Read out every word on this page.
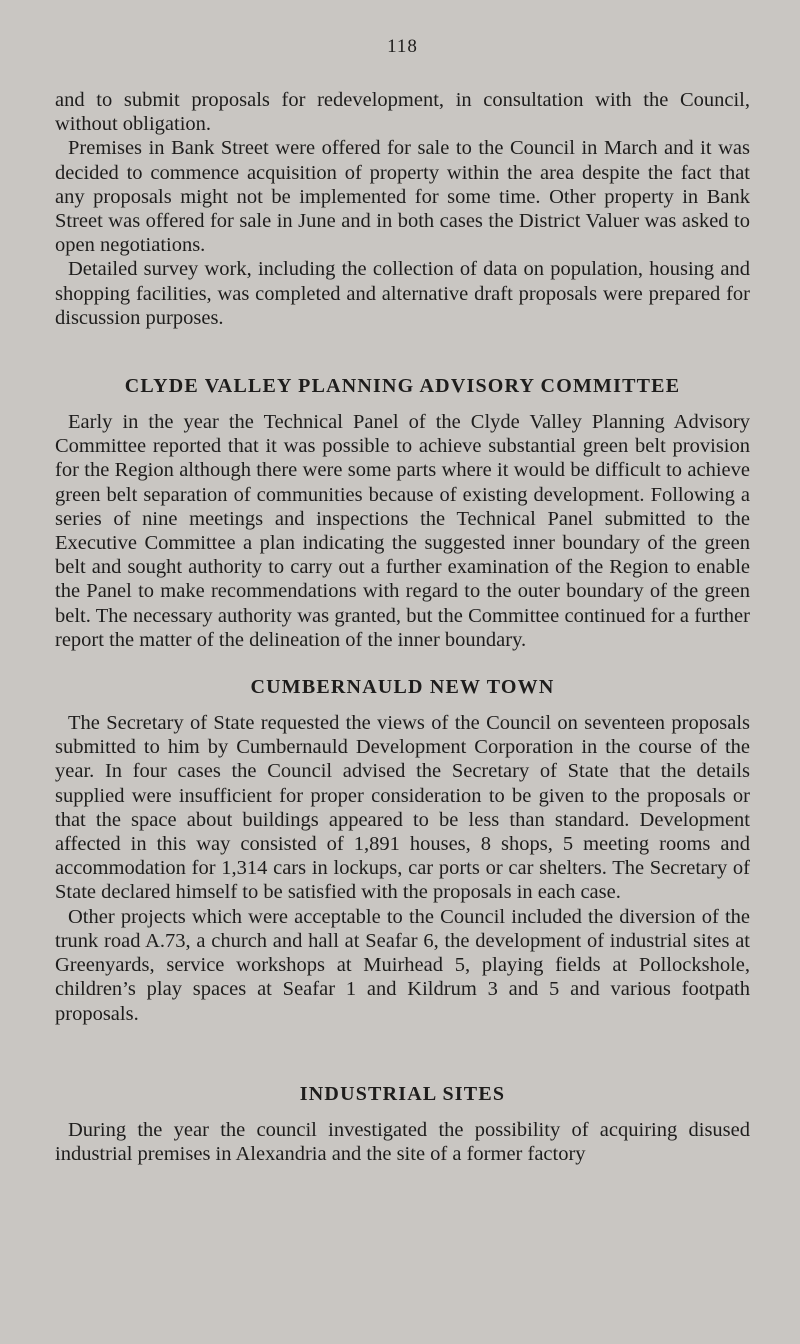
118

and to submit proposals for redevelopment, in consultation with the Council, without obligation.

Premises in Bank Street were offered for sale to the Council in March and it was decided to commence acquisition of property within the area despite the fact that any proposals might not be implemented for some time. Other property in Bank Street was offered for sale in June and in both cases the District Valuer was asked to open negotiations.

Detailed survey work, including the collection of data on population, housing and shopping facilities, was completed and alternative draft proposals were prepared for discussion purposes.

CLYDE VALLEY PLANNING ADVISORY COMMITTEE

Early in the year the Technical Panel of the Clyde Valley Planning Advisory Committee reported that it was possible to achieve substantial green belt provision for the Region although there were some parts where it would be difficult to achieve green belt separation of communities because of existing development. Following a series of nine meetings and inspections the Technical Panel submitted to the Executive Committee a plan indicating the suggested inner boundary of the green belt and sought authority to carry out a further examination of the Region to enable the Panel to make recommendations with regard to the outer boundary of the green belt. The necessary authority was granted, but the Committee continued for a further report the matter of the delineation of the inner boundary.

CUMBERNAULD NEW TOWN

The Secretary of State requested the views of the Council on seventeen proposals submitted to him by Cumbernauld Development Corporation in the course of the year. In four cases the Council advised the Secretary of State that the details supplied were insufficient for proper consideration to be given to the proposals or that the space about buildings appeared to be less than standard. Development affected in this way consisted of 1,891 houses, 8 shops, 5 meeting rooms and accommodation for 1,314 cars in lockups, car ports or car shelters. The Secretary of State declared himself to be satisfied with the proposals in each case.

Other projects which were acceptable to the Council included the diversion of the trunk road A.73, a church and hall at Seafar 6, the development of industrial sites at Greenyards, service workshops at Muirhead 5, playing fields at Pollockshole, children’s play spaces at Seafar 1 and Kildrum 3 and 5 and various footpath proposals.

INDUSTRIAL SITES

During the year the council investigated the possibility of acquiring disused industrial premises in Alexandria and the site of a former factory
